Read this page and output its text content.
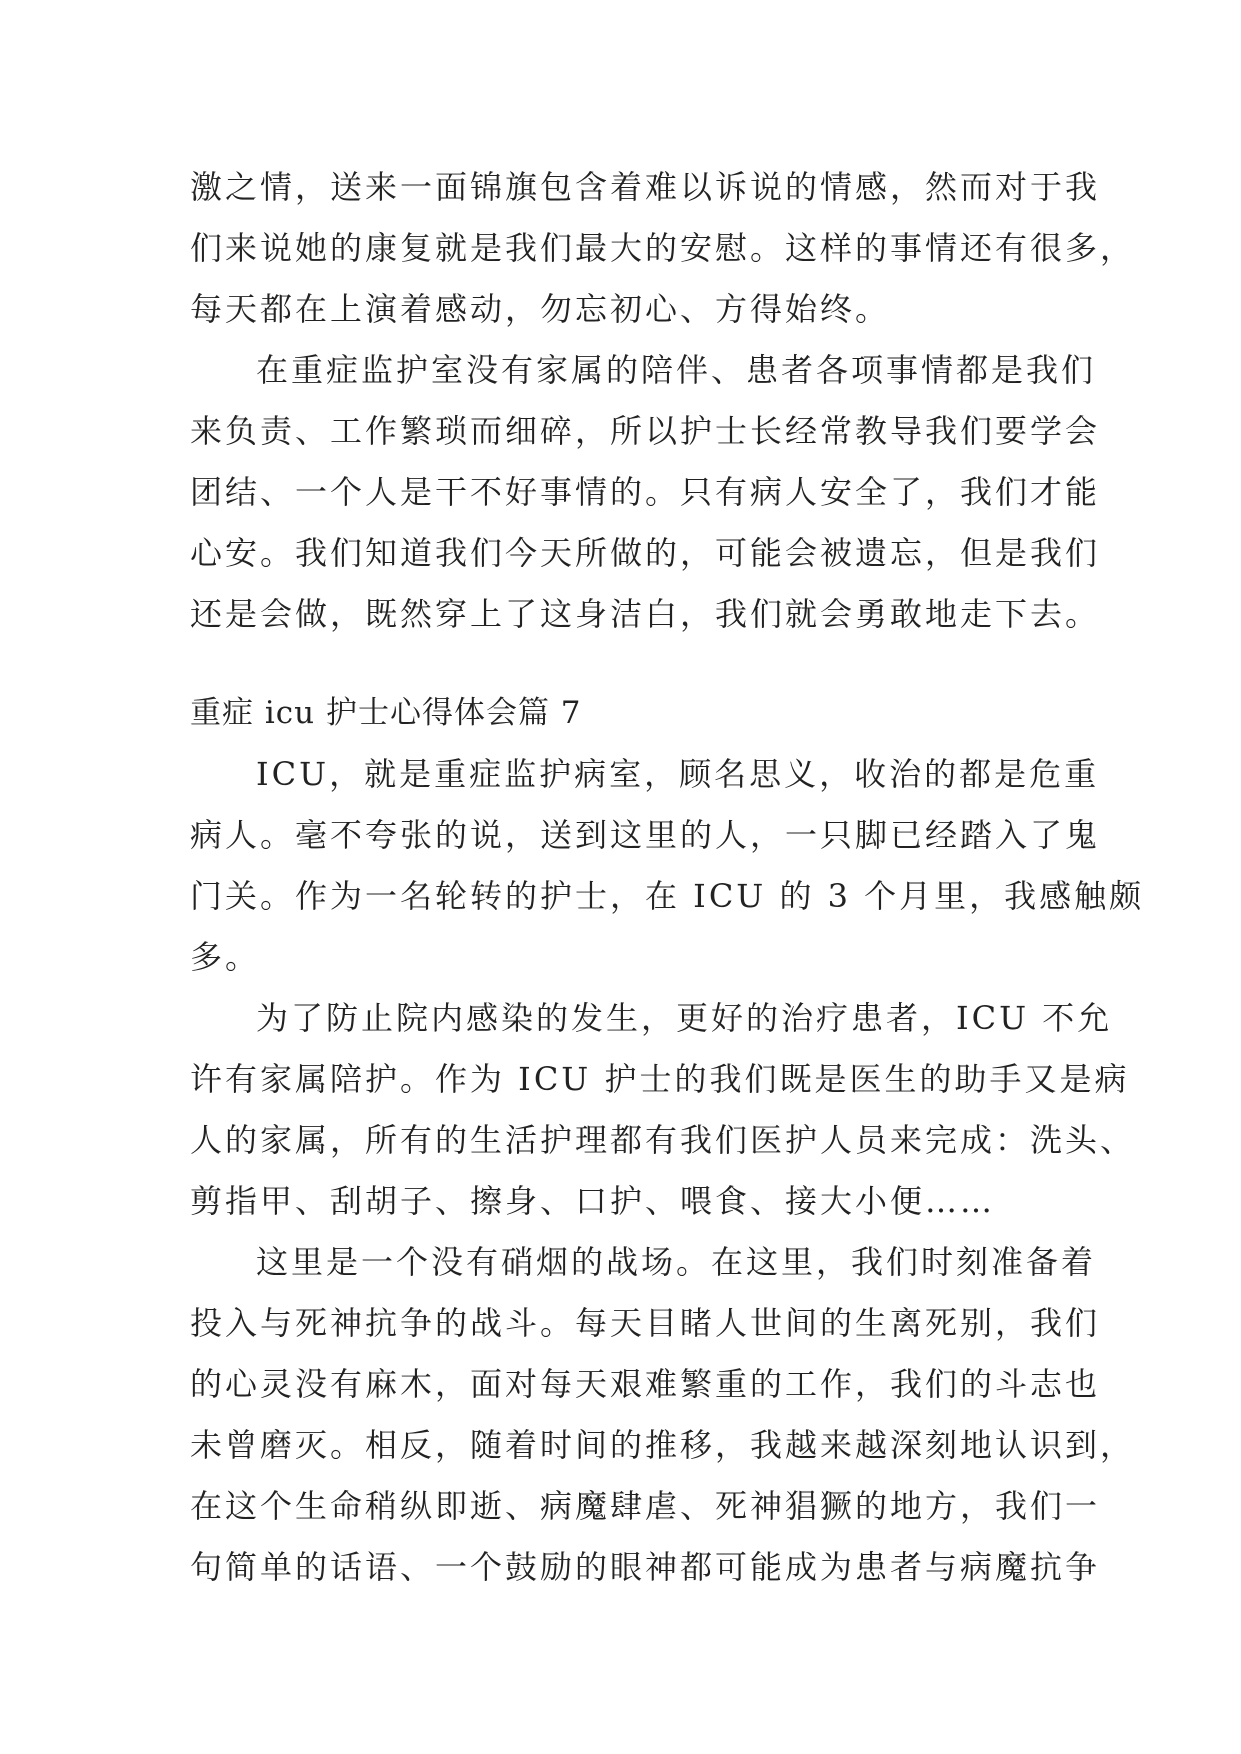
激之情，送来一面锦旗包含着难以诉说的情感，然而对于我
们来说她的康复就是我们最大的安慰。这样的事情还有很多，
每天都在上演着感动，勿忘初心、方得始终。
在重症监护室没有家属的陪伴、患者各项事情都是我们
来负责、工作繁琐而细碎，所以护士长经常教导我们要学会
团结、一个人是干不好事情的。只有病人安全了，我们才能
心安。我们知道我们今天所做的，可能会被遗忘，但是我们
还是会做，既然穿上了这身洁白，我们就会勇敢地走下去。
重症 icu 护士心得体会篇 7
ICU，就是重症监护病室，顾名思义，收治的都是危重
病人。毫不夸张的说，送到这里的人，一只脚已经踏入了鬼
门关。作为一名轮转的护士，在 ICU 的 3 个月里，我感触颇
多。
为了防止院内感染的发生，更好的治疗患者，ICU 不允
许有家属陪护。作为 ICU 护士的我们既是医生的助手又是病
人的家属，所有的生活护理都有我们医护人员来完成：洗头、
剪指甲、刮胡子、擦身、口护、喂食、接大小便……
这里是一个没有硝烟的战场。在这里，我们时刻准备着
投入与死神抗争的战斗。每天目睹人世间的生离死别，我们
的心灵没有麻木，面对每天艰难繁重的工作，我们的斗志也
未曾磨灭。相反，随着时间的推移，我越来越深刻地认识到，
在这个生命稍纵即逝、病魔肆虐、死神猖獗的地方，我们一
句简单的话语、一个鼓励的眼神都可能成为患者与病魔抗争
